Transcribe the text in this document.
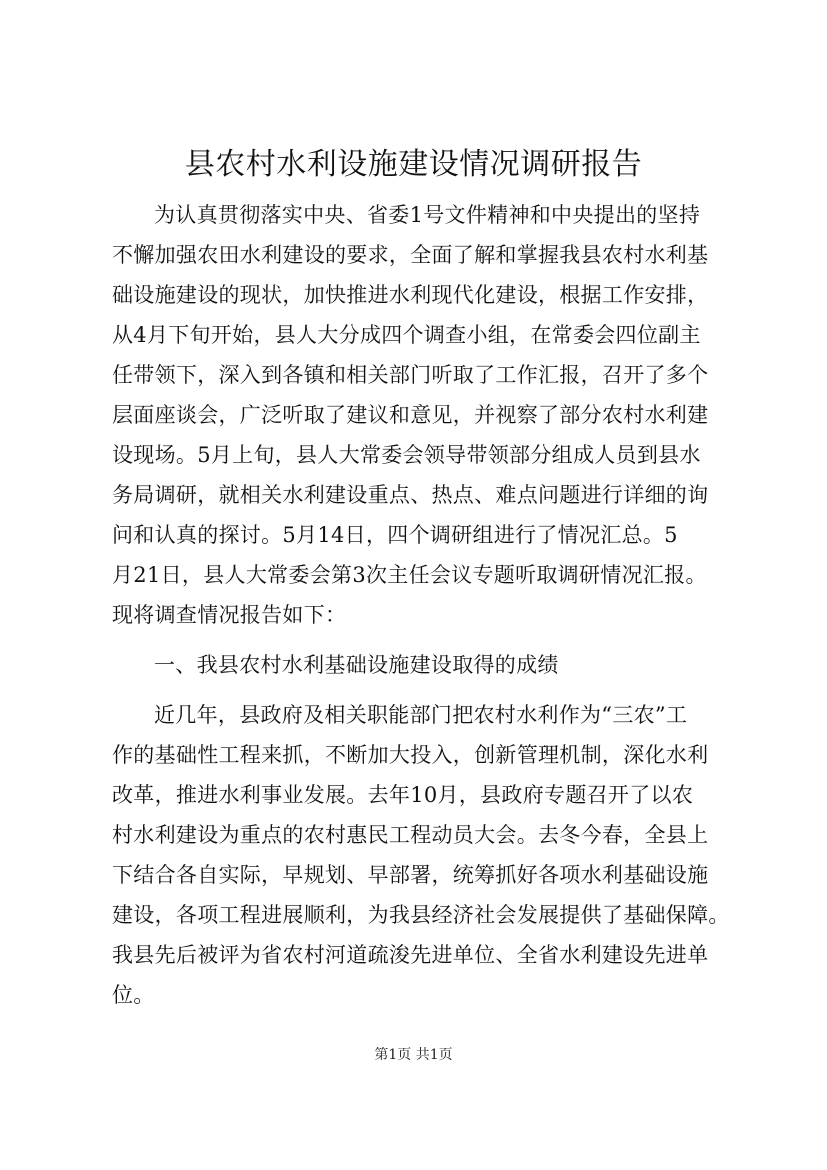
县农村水利设施建设情况调研报告
为认真贯彻落实中央、省委1号文件精神和中央提出的坚持
不懈加强农田水利建设的要求，全面了解和掌握我县农村水利基
础设施建设的现状，加快推进水利现代化建设，根据工作安排，
从4月下旬开始，县人大分成四个调查小组，在常委会四位副主
任带领下，深入到各镇和相关部门听取了工作汇报，召开了多个
层面座谈会，广泛听取了建议和意见，并视察了部分农村水利建
设现场。5月上旬，县人大常委会领导带领部分组成人员到县水
务局调研，就相关水利建设重点、热点、难点问题进行详细的询
问和认真的探讨。5月14日，四个调研组进行了情况汇总。5
月21日，县人大常委会第3次主任会议专题听取调研情况汇报。
现将调查情况报告如下：
一、我县农村水利基础设施建设取得的成绩
近几年，县政府及相关职能部门把农村水利作为“三农”工
作的基础性工程来抓，不断加大投入，创新管理机制，深化水利
改革，推进水利事业发展。去年10月，县政府专题召开了以农
村水利建设为重点的农村惠民工程动员大会。去冬今春，全县上
下结合各自实际，早规划、早部署，统筹抓好各项水利基础设施
建设，各项工程进展顺利，为我县经济社会发展提供了基础保障。
我县先后被评为省农村河道疏浚先进单位、全省水利建设先进单
位。
第1页 共1页
